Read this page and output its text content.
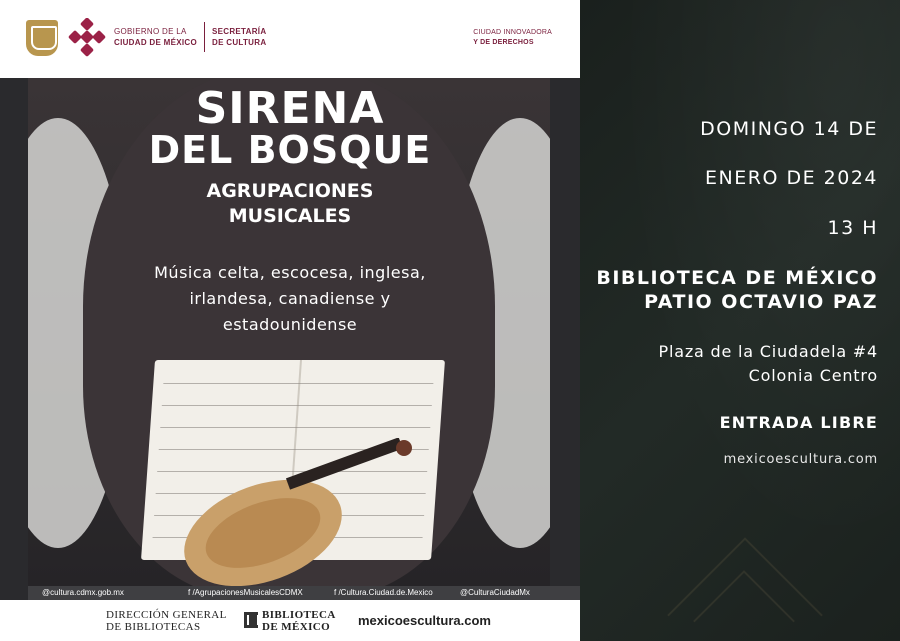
GOBIERNO DE LA
CIUDAD DE MÉXICO
SECRETARÍA
DE CULTURA
CIUDAD INNOVADORA
Y DE DERECHOS
SIRENA
DEL BOSQUE
AGRUPACIONES
MUSICALES
Música celta, escocesa, inglesa, irlandesa, canadiense y estadounidense
@cultura.cdmx.gob.mx	f /AgrupacionesMusicalesCDMX	f /Cultura.Ciudad.de.Mexico	@CulturaCiudadMx
DIRECCIÓN GENERAL
DE BIBLIOTECAS
BIBLIOTECA
DE MÉXICO	mexicoescultura.com
DOMINGO 14 DE
ENERO DE 2024
13 H
BIBLIOTECA DE MÉXICO
PATIO OCTAVIO PAZ
Plaza de la Ciudadela #4
Colonia Centro
ENTRADA LIBRE
mexicoescultura.com
